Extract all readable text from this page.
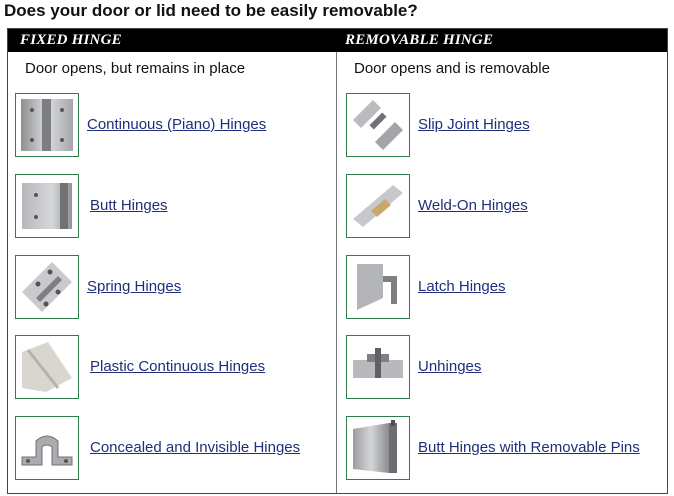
Does your door or lid need to be easily removable?
FIXED HINGE	REMOVABLE HINGE
Door opens, but remains in place	Door opens and is removable
Continuous (Piano) Hinges
Butt Hinges
Spring Hinges
Plastic Continuous Hinges
Concealed and Invisible Hinges
Slip Joint Hinges
Weld-On Hinges
Latch Hinges
Unhinges
Butt Hinges with Removable Pins
